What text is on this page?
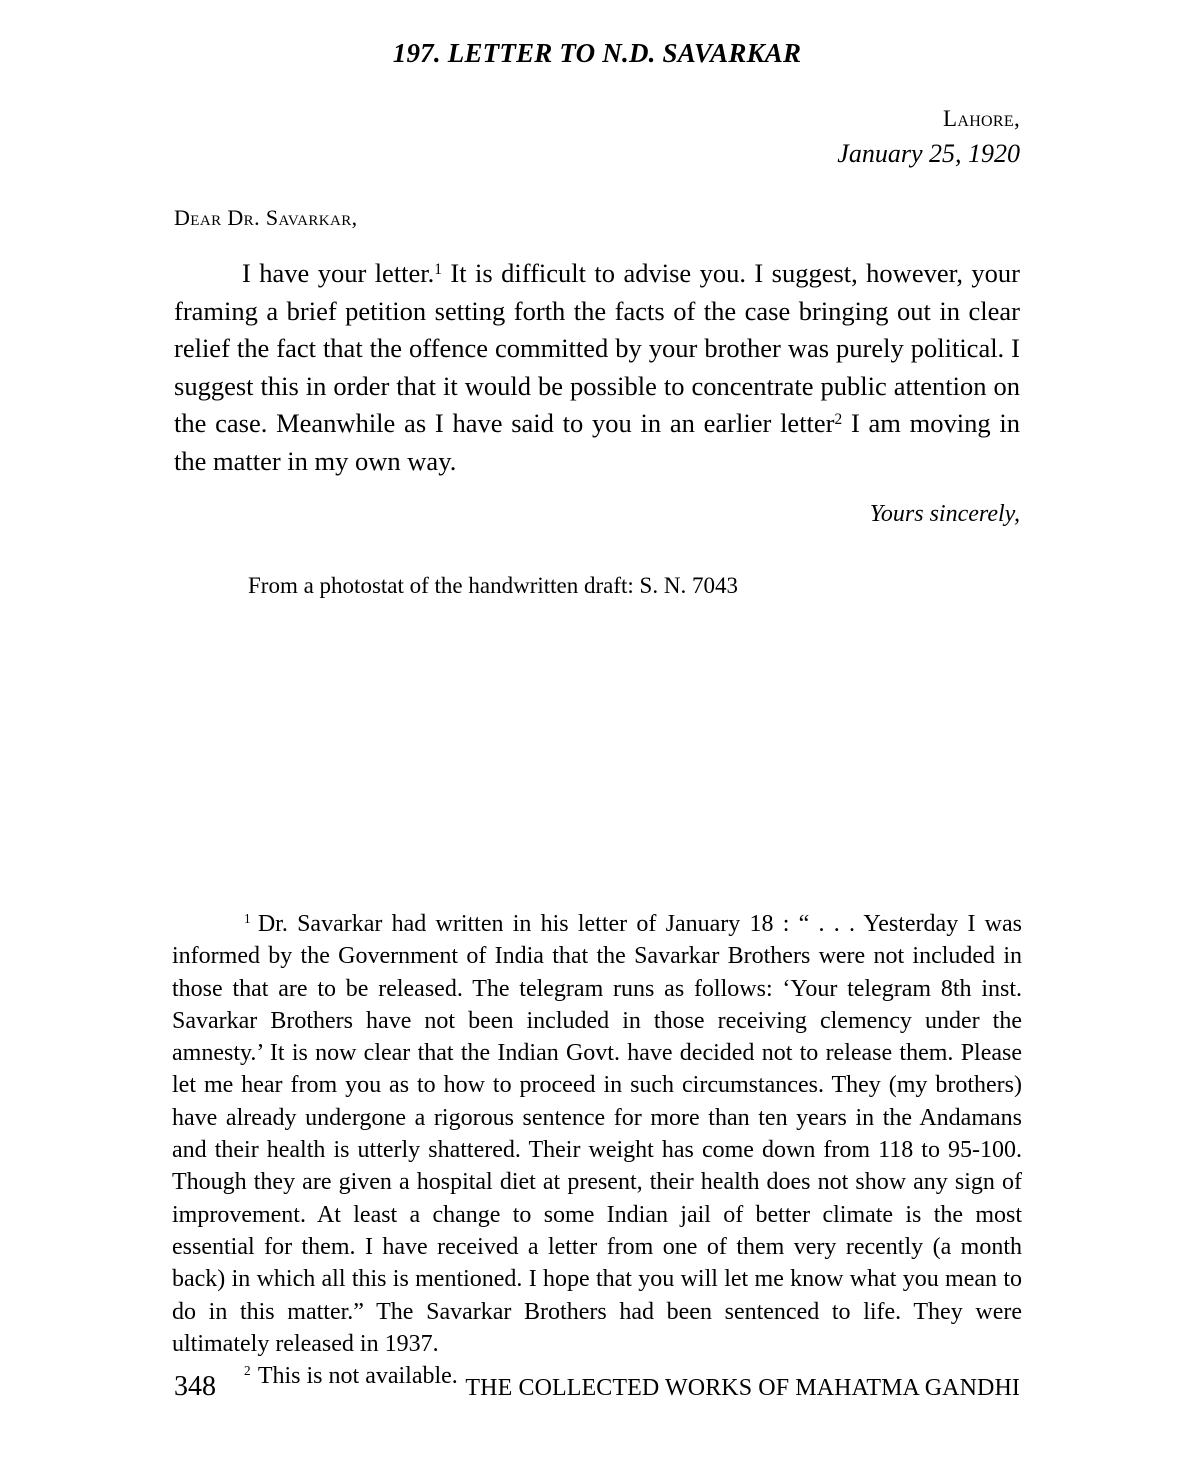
197. LETTER TO N.D. SAVARKAR
Lahore,
January 25, 1920
Dear Dr. Savarkar,

I have your letter.$^1$ It is difficult to advise you. I suggest, however, your framing a brief petition setting forth the facts of the case bringing out in clear relief the fact that the offence committed by your brother was purely political. I suggest this in order that it would be possible to concentrate public attention on the case. Meanwhile as I have said to you in an earlier letter$^2$ I am moving in the matter in my own way.

Yours sincerely,
From a photostat of the handwritten draft: S. N. 7043

$^1$ Dr. Savarkar had written in his letter of January 18 : “ . . . Yesterday I was informed by the Government of India that the Savarkar Brothers were not included in those that are to be released. The telegram runs as follows: ‘Your telegram 8th inst. Savarkar Brothers have not been included in those receiving clemency under the amnesty.’ It is now clear that the Indian Govt. have decided not to release them. Please let me hear from you as to how to proceed in such circumstances. They (my brothers) have already undergone a rigorous sentence for more than ten years in the Andamans and their health is utterly shattered. Their weight has come down from 118 to 95-100. Though they are given a hospital diet at present, their health does not show any sign of improvement. At least a change to some Indian jail of better climate is the most essential for them. I have received a letter from one of them very recently (a month back) in which all this is mentioned. I hope that you will let me know what you mean to do in this matter.” The Savarkar Brothers had been sentenced to life. They were ultimately released in 1937.

$^2$ This is not available.

348	THE COLLECTED WORKS OF MAHATMA GANDHI
